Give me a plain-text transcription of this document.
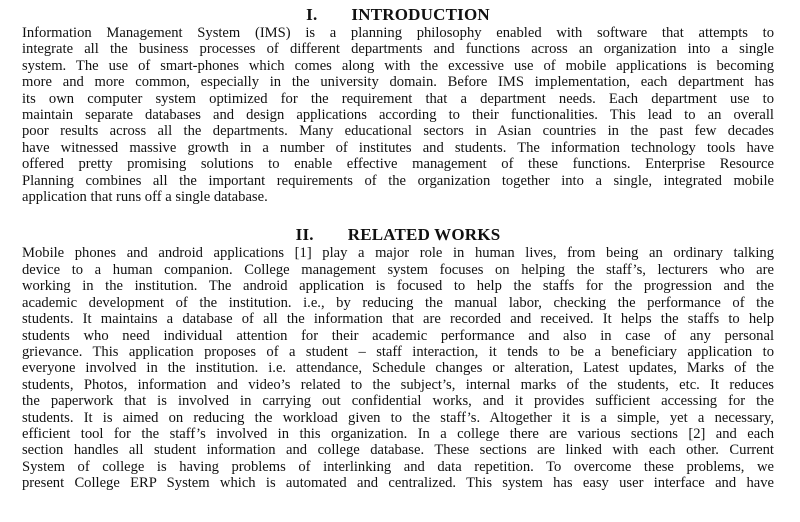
I. INTRODUCTION
Information Management System (IMS) is a planning philosophy enabled with software that attempts to
integrate all the business processes of different departments and functions across an organization into a single
system. The use of smart-phones which comes along with the excessive use of mobile applications is becoming
more and more common, especially in the university domain. Before IMS implementation, each department has
its own computer system optimized for the requirement that a department needs. Each department use to
maintain separate databases and design applications according to their functionalities. This lead to an overall
poor results across all the departments. Many educational sectors in Asian countries in the past few decades
have witnessed massive growth in a number of institutes and students. The information technology tools have
offered pretty promising solutions to enable effective management of these functions. Enterprise Resource
Planning combines all the important requirements of the organization together into a single, integrated mobile
application that runs off a single database.
II. RELATED WORKS
Mobile phones and android applications [1] play a major role in human lives, from being an ordinary talking
device to a human companion. College management system focuses on helping the staff’s, lecturers who are
working in the institution. The android application is focused to help the staffs for the progression and the
academic development of the institution. i.e., by reducing the manual labor, checking the performance of the
students. It maintains a database of all the information that are recorded and received. It helps the staffs to help
students who need individual attention for their academic performance and also in case of any personal
grievance. This application proposes of a student – staff interaction, it tends to be a beneficiary application to
everyone involved in the institution. i.e. attendance, Schedule changes or alteration, Latest updates, Marks of the
students, Photos, information and video’s related to the subject’s, internal marks of the students, etc. It reduces
the paperwork that is involved in carrying out confidential works, and it provides sufficient accessing for the
students. It is aimed on reducing the workload given to the staff’s. Altogether it is a simple, yet a necessary,
efficient tool for the staff’s involved in this organization. In a college there are various sections [2] and each
section handles all student information and college database. These sections are linked with each other. Current
System of college is having problems of interlinking and data repetition. To overcome these problems, we
present College ERP System which is automated and centralized. This system has easy user interface and have
